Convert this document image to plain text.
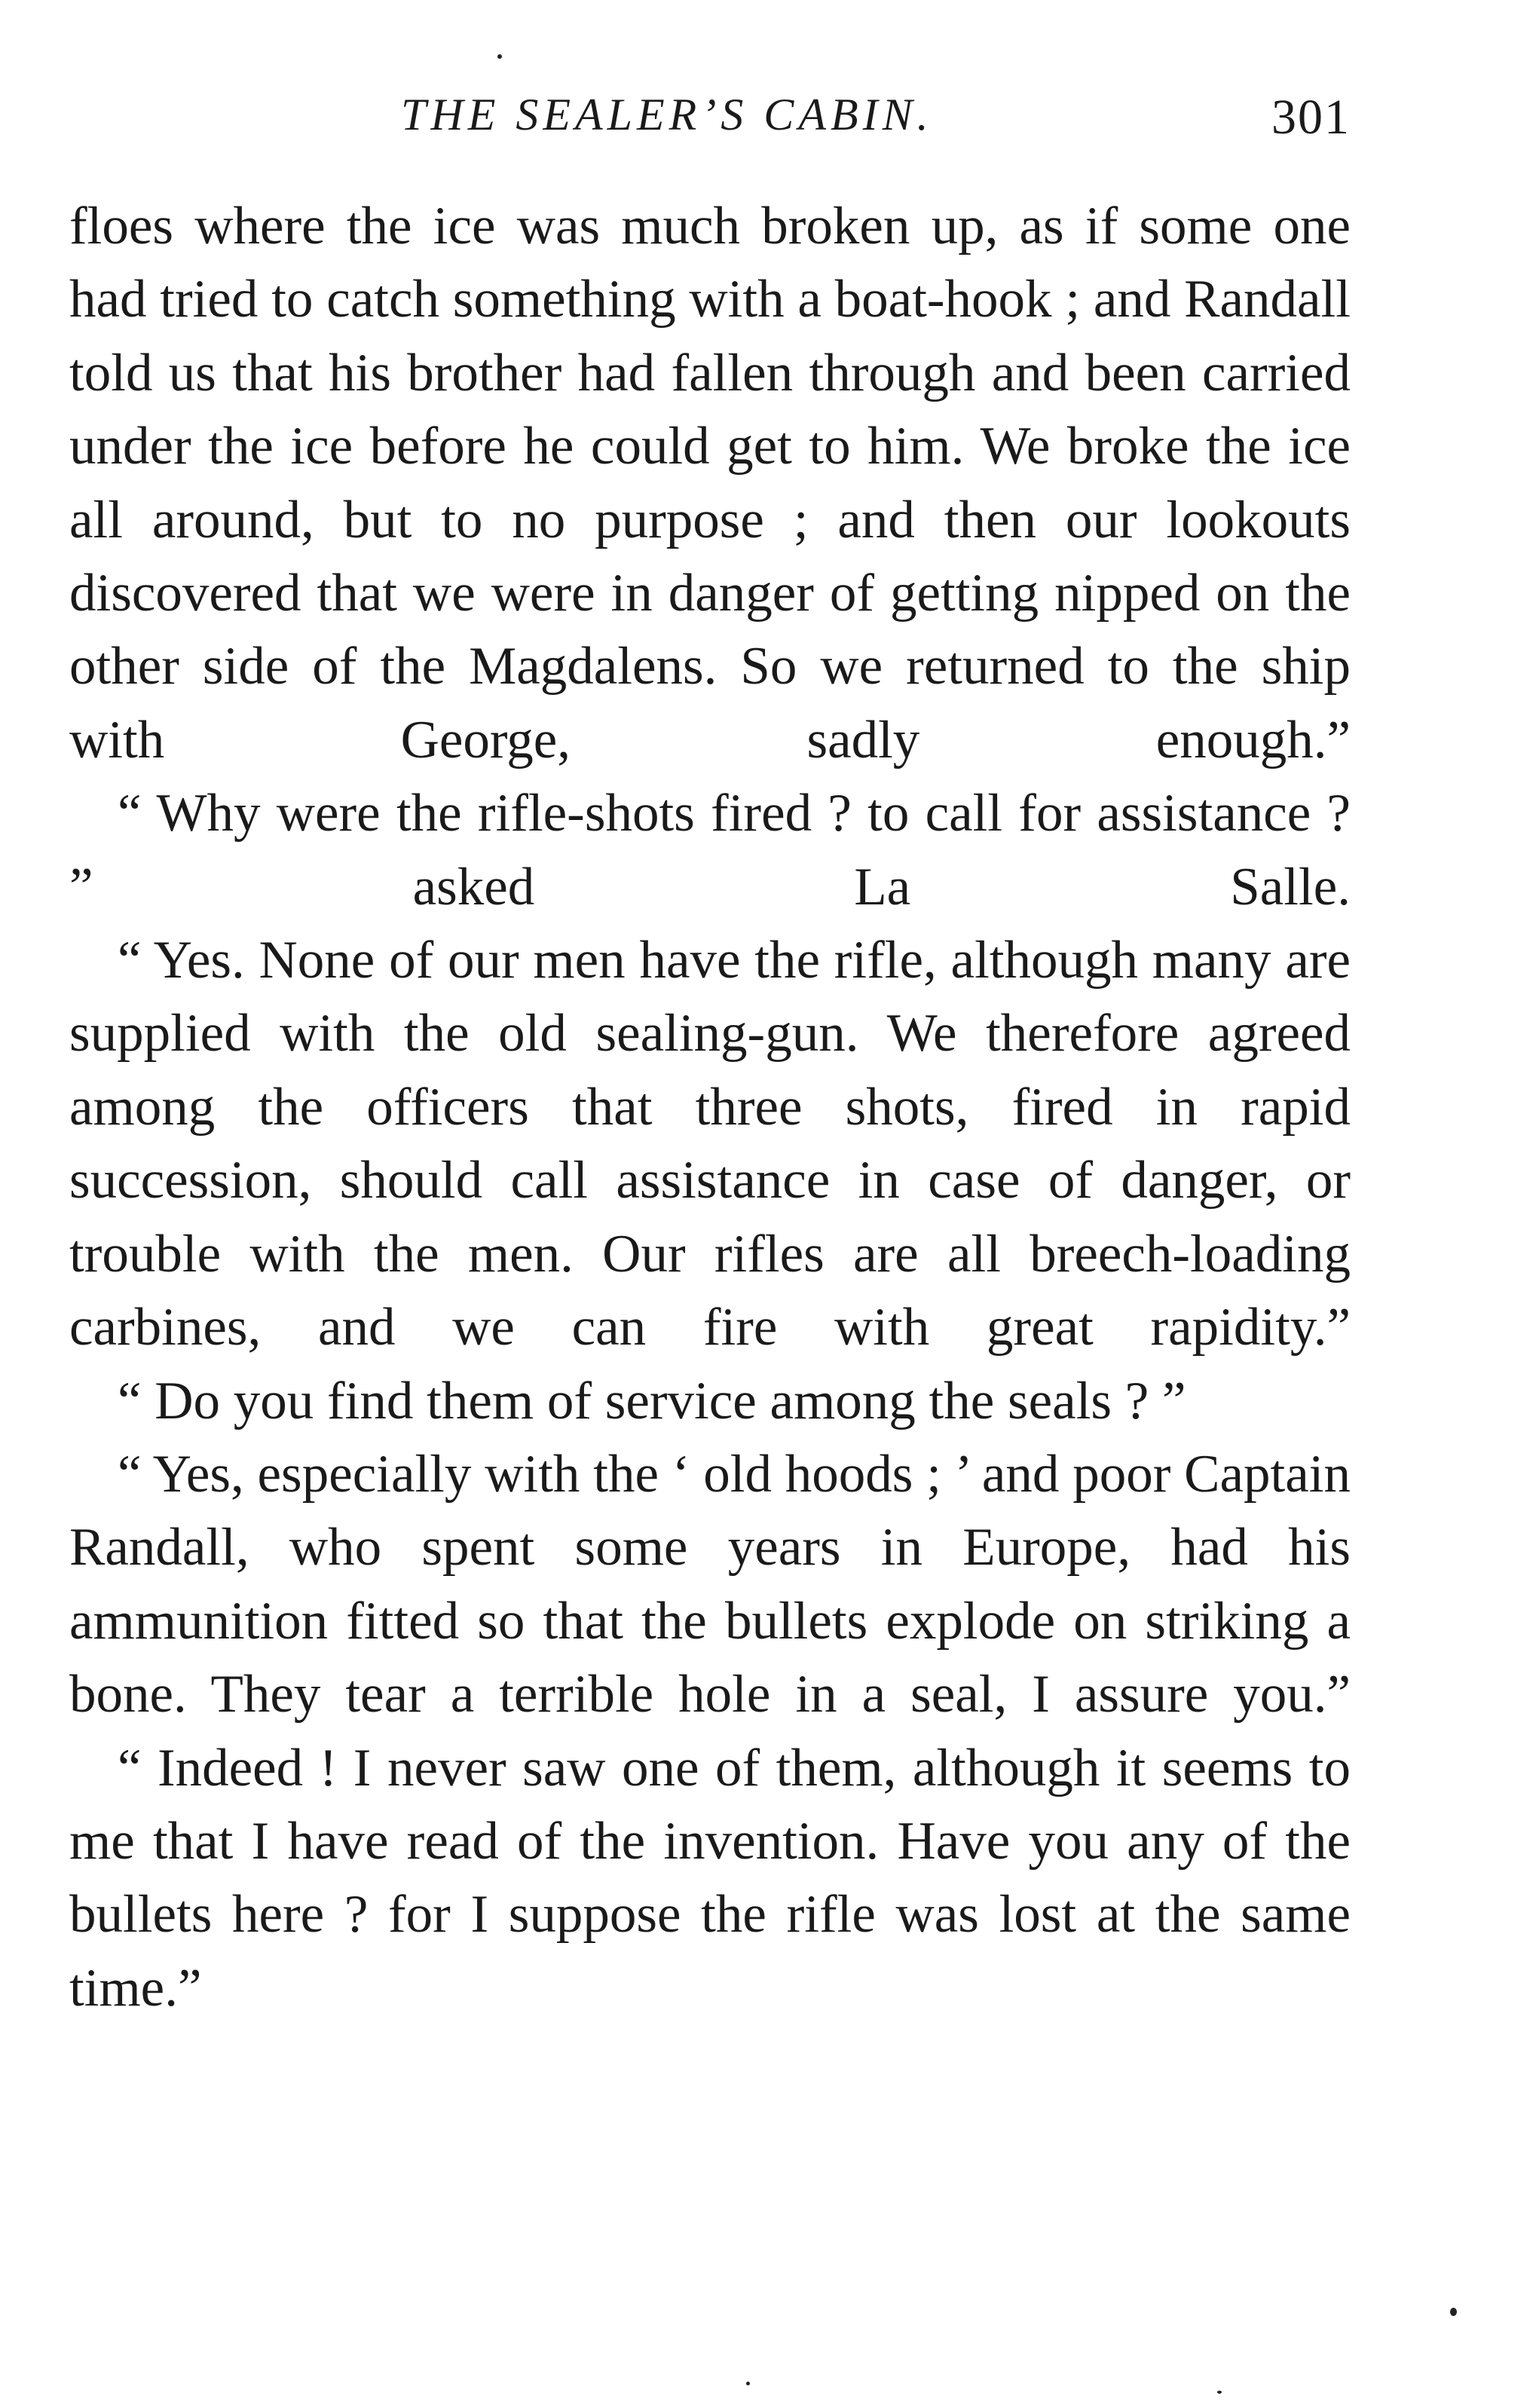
THE SEALER’S CABIN.	301

floes where the ice was much broken up, as if some one had tried to catch something with a boat-hook ; and Randall told us that his brother had fallen through and been carried under the ice before he could get to him. We broke the ice all around, but to no purpose ; and then our lookouts discovered that we were in danger of getting nipped on the other side of the Magdalens. So we returned to the ship with George, sadly enough.”

“ Why were the rifle-shots fired ? to call for assistance ? ” asked La Salle.

“ Yes. None of our men have the rifle, although many are supplied with the old sealing-gun. We therefore agreed among the officers that three shots, fired in rapid succession, should call assistance in case of danger, or trouble with the men. Our rifles are all breech-loading carbines, and we can fire with great rapidity.”

“ Do you find them of service among the seals ? ”

“ Yes, especially with the ‘ old hoods ; ’ and poor Captain Randall, who spent some years in Europe, had his ammunition fitted so that the bullets explode on striking a bone. They tear a terrible hole in a seal, I assure you.”

“ Indeed ! I never saw one of them, although it seems to me that I have read of the invention. Have you any of the bullets here ? for I suppose the rifle was lost at the same time.”
